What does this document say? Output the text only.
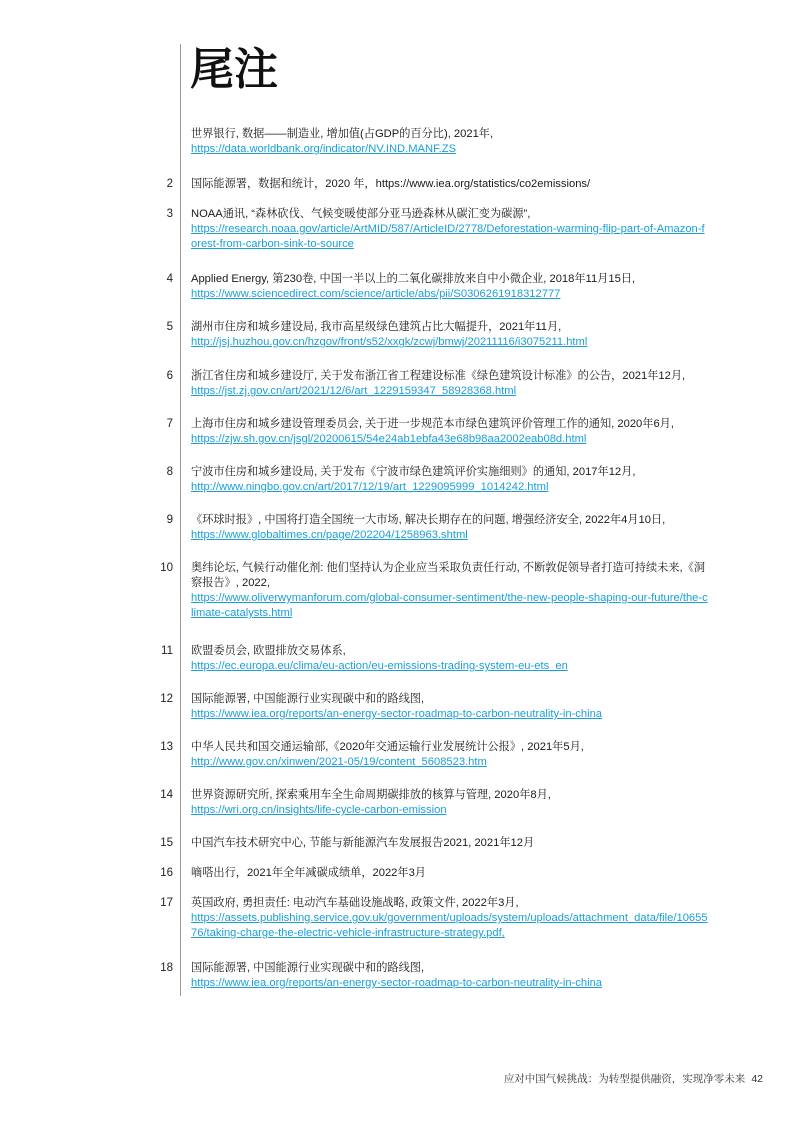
尾注
世界银行, 数据——制造业, 增加值(占GDP的百分比), 2021年,
https://data.worldbank.org/indicator/NV.IND.MANF.ZS
2 国际能源署，数据和统计，2020 年，https://www.iea.org/statistics/co2emissions/
3 NOAA通讯, “森林砍伐、气候变暖使部分亚马逊森林从碳汇变为碳源”,
https://research.noaa.gov/article/ArtMID/587/ArticleID/2778/Deforestation-warming-flip-part-of-Amazon-f
orest-from-carbon-sink-to-source
4 Applied Energy, 第230卷, 中国一半以上的二氧化碳排放来自中小微企业, 2018年11月15日,
https://www.sciencedirect.com/science/article/abs/pii/S0306261918312777
5 湖州市住房和城乡建设局, 我市高星级绿色建筑占比大幅提升，2021年11月,
http://jsj.huzhou.gov.cn/hzgov/front/s52/xxgk/zcwj/bmwj/20211116/i3075211.html
6 浙江省住房和城乡建设厅, 关于发布浙江省工程建设标准《绿色建筑设计标准》的公告，2021年12月,
https://jst.zj.gov.cn/art/2021/12/6/art_1229159347_58928368.html
7 上海市住房和城乡建设管理委员会, 关于进一步规范本市绿色建筑评价管理工作的通知, 2020年6月,
https://zjw.sh.gov.cn/jsgl/20200615/54e24ab1ebfa43e68b98aa2002eab08d.html
8 宁波市住房和城乡建设局, 关于发布《宁波市绿色建筑评价实施细则》的通知, 2017年12月,
http://www.ningbo.gov.cn/art/2017/12/19/art_1229095999_1014242.html
9 《环球时报》, 中国将打造全国统一大市场, 解决长期存在的问题, 增强经济安全, 2022年4月10日,
https://www.globaltimes.cn/page/202204/1258963.shtml
10 奥纬论坛, 气候行动催化剂: 他们坚持认为企业应当采取负责任行动, 不断敦促领导者打造可持续未来,《洞
察报告》, 2022,
https://www.oliverwymanforum.com/global-consumer-sentiment/the-new-people-shaping-our-future/the-c
limate-catalysts.html
11 欧盟委员会, 欧盟排放交易体系,
https://ec.europa.eu/clima/eu-action/eu-emissions-trading-system-eu-ets_en
12 国际能源署, 中国能源行业实现碳中和的路线图,
https://www.iea.org/reports/an-energy-sector-roadmap-to-carbon-neutrality-in-china
13 中华人民共和国交通运输部,《2020年交通运输行业发展统计公报》, 2021年5月,
http://www.gov.cn/xinwen/2021-05/19/content_5608523.htm
14 世界资源研究所, 探索乘用车全生命周期碳排放的核算与管理, 2020年8月,
https://wri.org.cn/insights/life-cycle-carbon-emission
15 中国汽车技术研究中心, 节能与新能源汽车发展报告2021, 2021年12月
16 嘀嗒出行，2021年全年减碳成绩单，2022年3月
17 英国政府, 勇担责任: 电动汽车基础设施战略, 政策文件, 2022年3月,
https://assets.publishing.service.gov.uk/government/uploads/system/uploads/attachment_data/file/10655
76/taking-charge-the-electric-vehicle-infrastructure-strategy.pdf,
18 国际能源署, 中国能源行业实现碳中和的路线图,
https://www.iea.org/reports/an-energy-sector-roadmap-to-carbon-neutrality-in-china
应对中国气候挑战：为转型提供融资，实现净零未来 42
